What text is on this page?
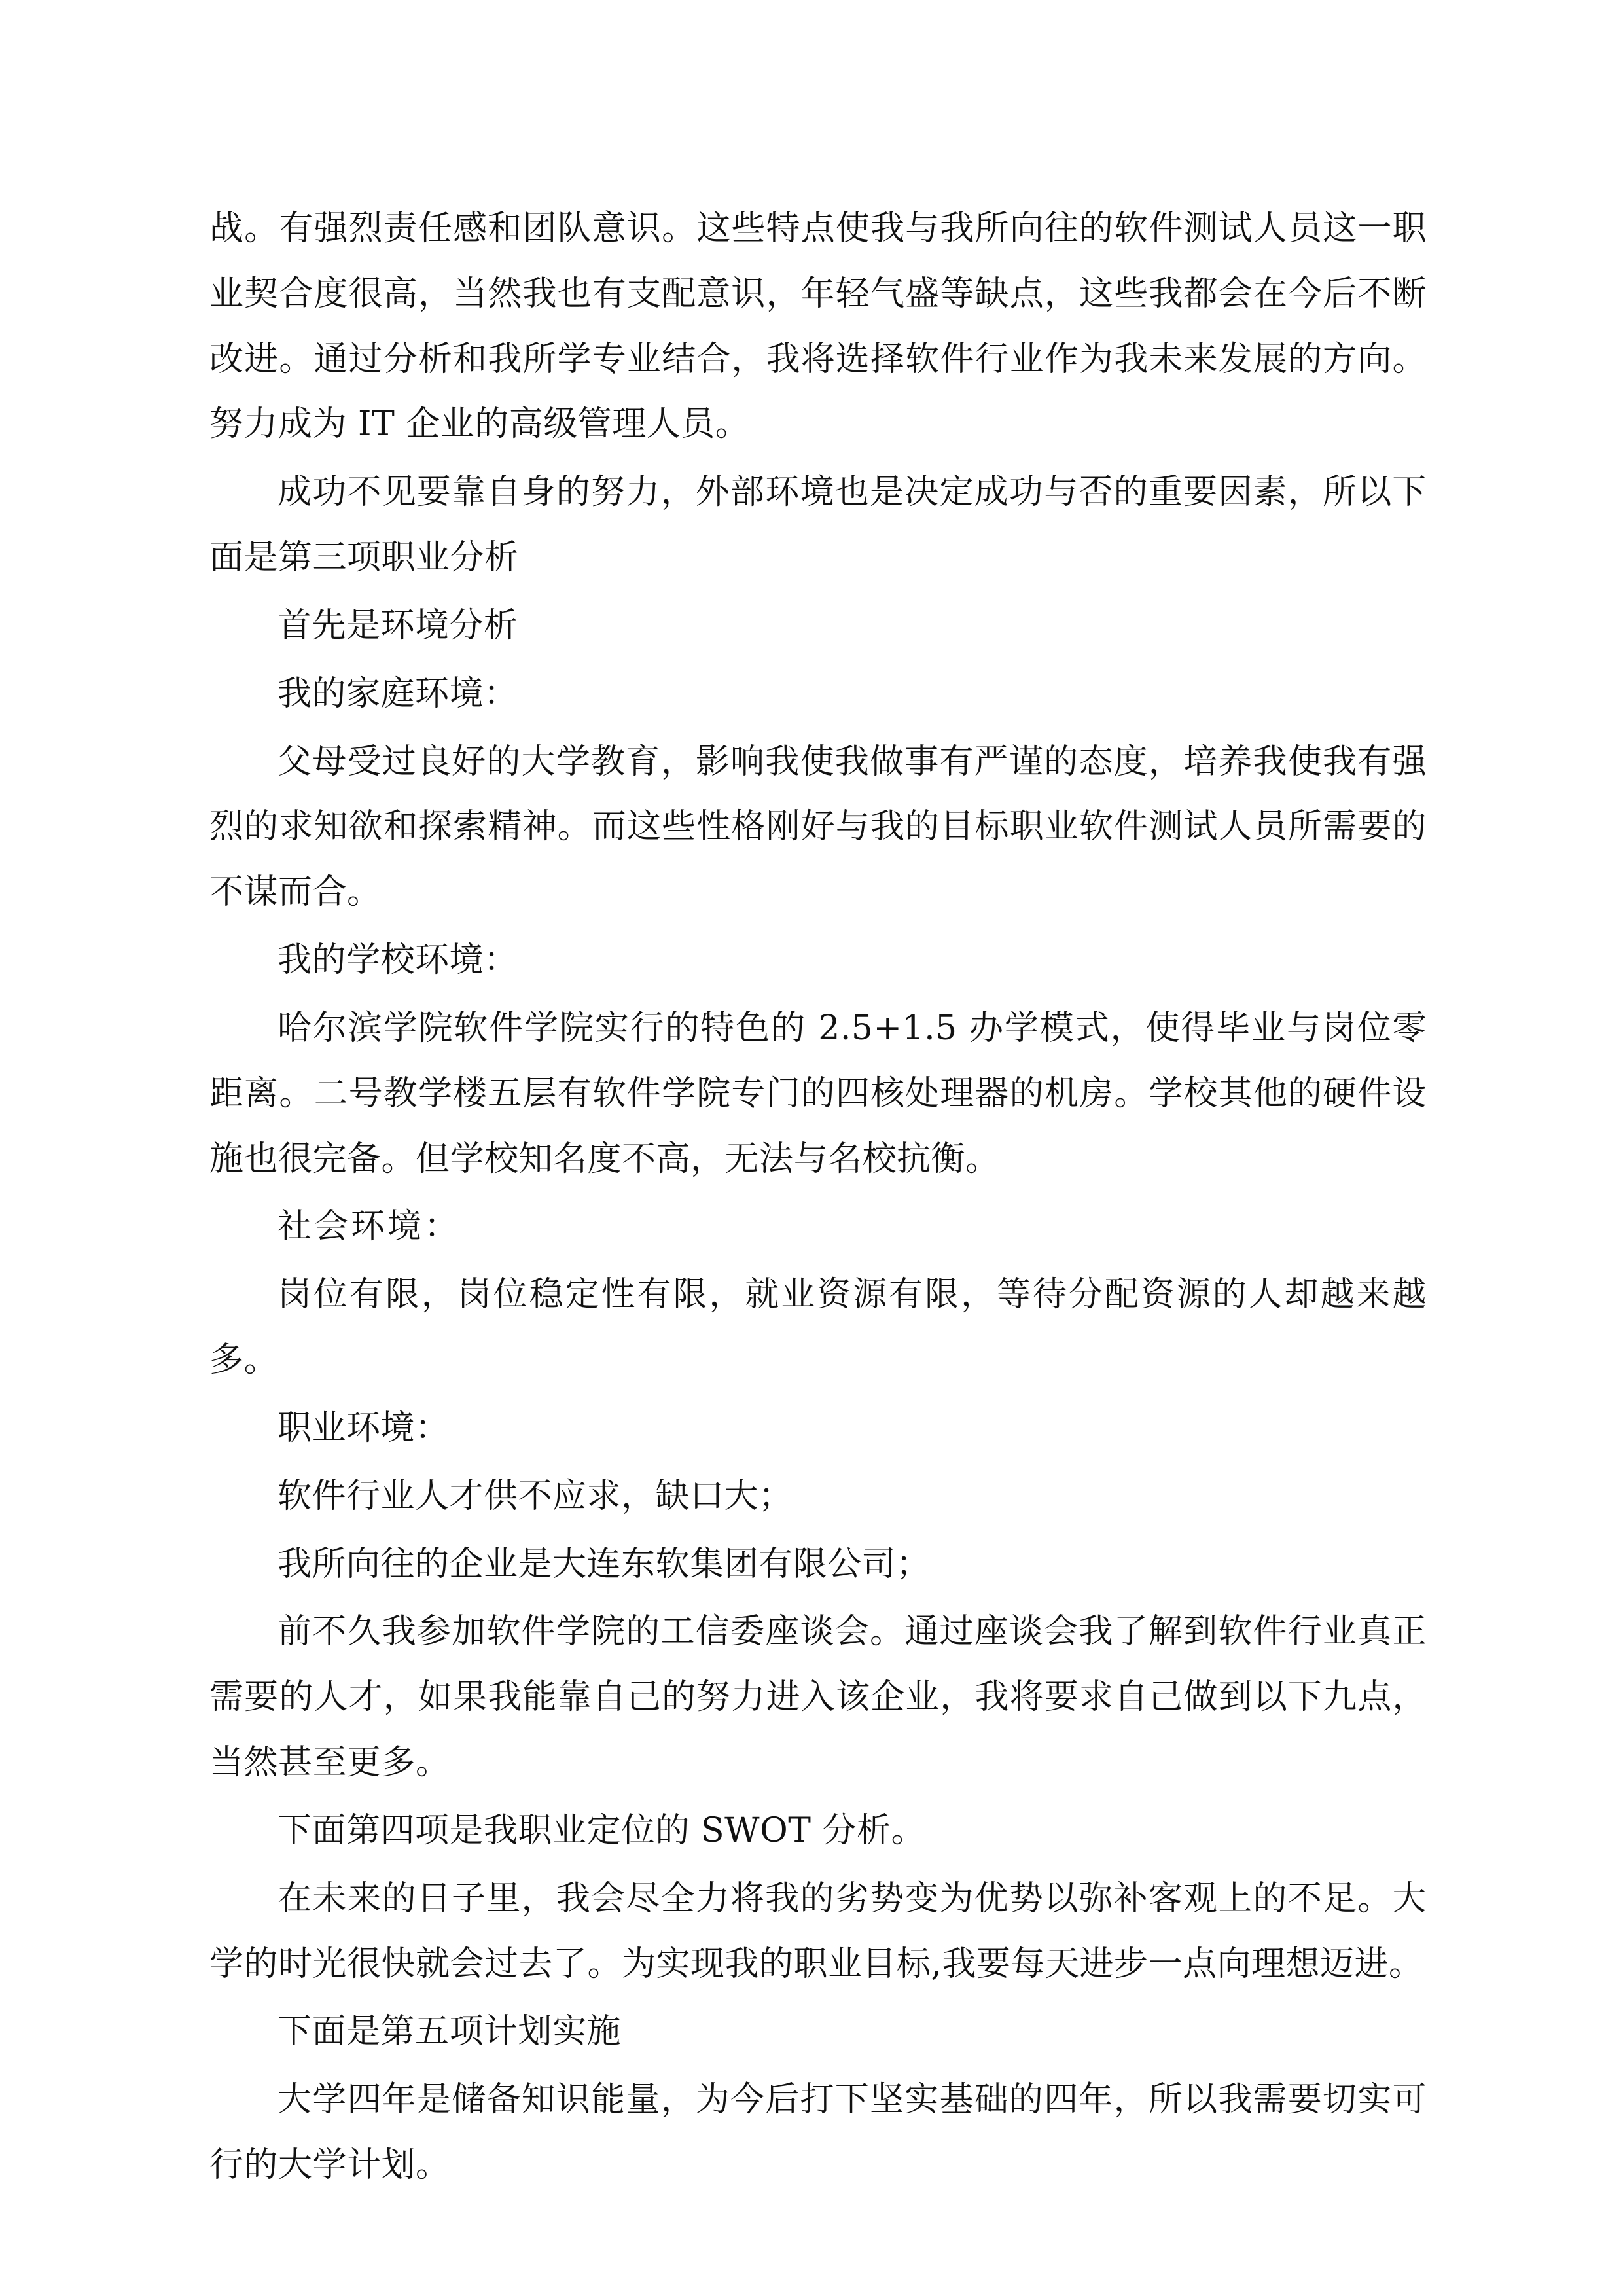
战。有强烈责任感和团队意识。这些特点使我与我所向往的软件测试人员这一职业契合度很高，当然我也有支配意识，年轻气盛等缺点，这些我都会在今后不断改进。通过分析和我所学专业结合，我将选择软件行业作为我未来发展的方向。努力成为 IT 企业的高级管理人员。

成功不见要靠自身的努力，外部环境也是决定成功与否的重要因素，所以下面是第三项职业分析

首先是环境分析

我的家庭环境：

父母受过良好的大学教育，影响我使我做事有严谨的态度，培养我使我有强烈的求知欲和探索精神。而这些性格刚好与我的目标职业软件测试人员所需要的不谋而合。

我的学校环境：

哈尔滨学院软件学院实行的特色的 2.5+1.5 办学模式，使得毕业与岗位零距离。二号教学楼五层有软件学院专门的四核处理器的机房。学校其他的硬件设施也很完备。但学校知名度不高，无法与名校抗衡。

社会环境：

岗位有限，岗位稳定性有限，就业资源有限，等待分配资源的人却越来越多。

职业环境：

软件行业人才供不应求，缺口大；

我所向往的企业是大连东软集团有限公司；

前不久我参加软件学院的工信委座谈会。通过座谈会我了解到软件行业真正需要的人才，如果我能靠自己的努力进入该企业，我将要求自己做到以下九点，当然甚至更多。

下面第四项是我职业定位的 SWOT 分析。

在未来的日子里，我会尽全力将我的劣势变为优势以弥补客观上的不足。大学的时光很快就会过去了。为实现我的职业目标,我要每天进步一点向理想迈进。

下面是第五项计划实施

大学四年是储备知识能量，为今后打下坚实基础的四年，所以我需要切实可行的大学计划。
